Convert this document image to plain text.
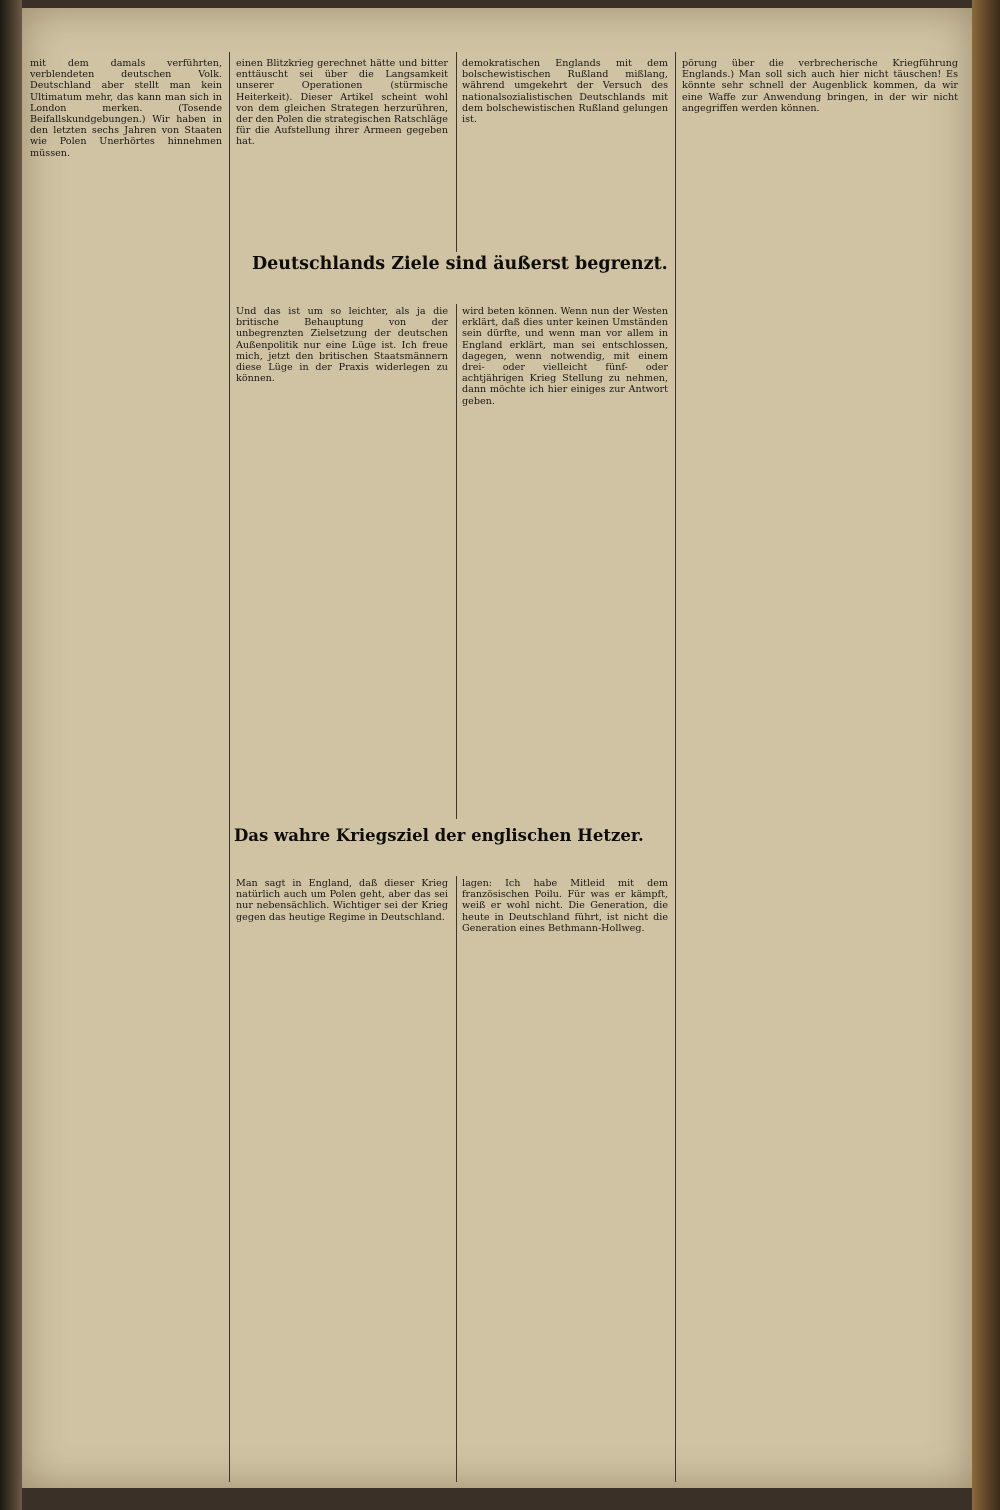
mit dem damals verführten, verblendeten deutschen Volk. Deutschland aber stellt man kein Ultimatum mehr, das kann man sich in London merken. (Tosende Beifallskundgebungen.) Wir haben in den letzten sechs Jahren von Staaten wie Polen Unerhörtes hinnehmen müssen.
einen Blitzkrieg gerechnet hätte und bitter enttäuscht sei über die Langsamkeit unserer Operationen (stürmische Heiterkeit). Dieser Artikel scheint wohl von dem gleichen Strategen herzurühren, der den Polen die strategischen Ratschläge für die Aufstellung ihrer Armeen gegeben hat.
demokratischen Englands mit dem bolschewistischen Rußland mißlang, während umgekehrt der Versuch des nationalsozialistischen Deutschlands mit dem bolschewistischen Rußland gelungen ist.
pörung über die verbrecherische Kriegführung Englands.) Man soll sich auch hier nicht täuschen! Es könnte sehr schnell der Augenblick kommen, da wir eine Waffe zur Anwendung bringen, in der wir nicht angegriffen werden können.
Deutschlands Ziele sind äußerst begrenzt.
Und das ist um so leichter, als ja die britische Behauptung von der unbegrenzten Zielsetzung der deutschen Außenpolitik nur eine Lüge ist. Ich freue mich, jetzt den britischen Staatsmännern diese Lüge in der Praxis widerlegen zu können.
wird beten können. Wenn nun der Westen erklärt, daß dies unter keinen Umständen sein dürfte, und wenn man vor allem in England erklärt, man sei entschlossen, dagegen, wenn notwendig, mit einem drei- oder vielleicht fünf- oder achtjährigen Krieg Stellung zu nehmen, dann möchte ich hier einiges zur Antwort geben.
Das wahre Kriegsziel der englischen Hetzer.
Man sagt in England, daß dieser Krieg natürlich auch um Polen geht, aber das sei nur nebensächlich. Wichtiger sei der Krieg gegen das heutige Regime in Deutschland.
lagen: Ich habe Mitleid mit dem französischen Poilu. Für was er kämpft, weiß er wohl nicht. Die Generation, die heute in Deutschland führt, ist nicht die Generation eines Bethmann-Hollweg.
